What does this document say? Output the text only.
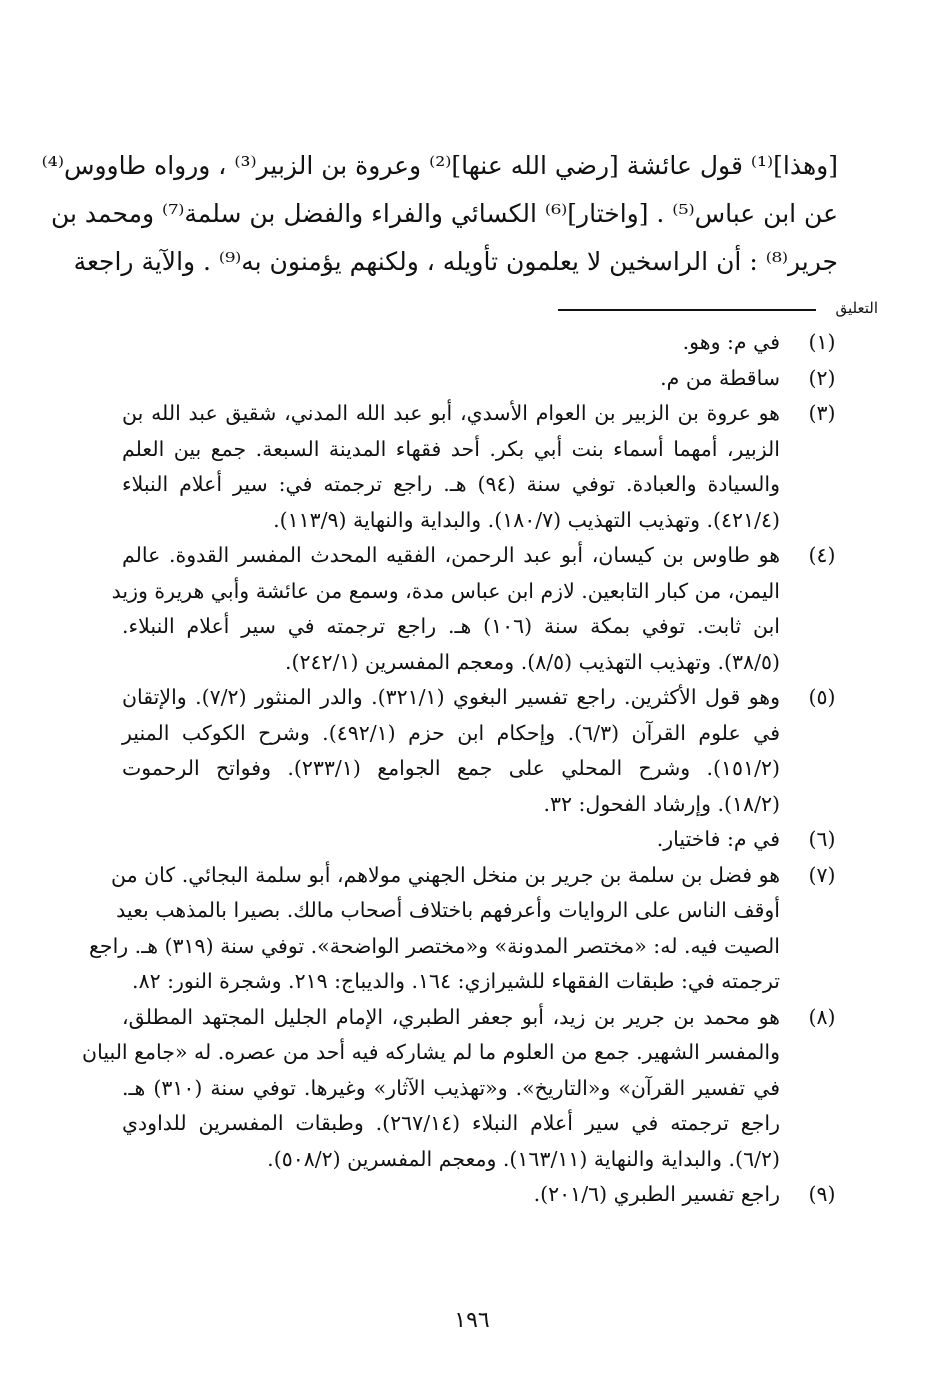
[وهذا]⁽¹⁾ قول عائشة [رضي الله عنها]⁽²⁾ وعروة بن الزبير⁽³⁾ ، ورواه طاووس⁽⁴⁾
عن ابن عباس⁽⁵⁾ . [واختار]⁽⁶⁾ الكسائي والفراء والفضل بن سلمة⁽⁷⁾ ومحمد بن
جرير⁽⁸⁾ : أن الراسخين لا يعلمون تأويله ، ولكنهم يؤمنون به⁽⁹⁾ . والآية راجعة
التعليق
(١)
في م: وهو.
(٢)
ساقطة من م.
(٣)
هو عروة بن الزبير بن العوام الأسدي، أبو عبد الله المدني، شقيق عبد الله بن
الزبير، أمهما أسماء بنت أبي بكر. أحد فقهاء المدينة السبعة. جمع بين العلم
والسيادة والعبادة. توفي سنة (٩٤) هـ. راجع ترجمته في: سير أعلام النبلاء
(٤٢١/٤). وتهذيب التهذيب (١٨٠/٧). والبداية والنهاية (١١٣/٩).
(٤)
هو طاوس بن كيسان، أبو عبد الرحمن، الفقيه المحدث المفسر القدوة. عالم
اليمن، من كبار التابعين. لازم ابن عباس مدة، وسمع من عائشة وأبي هريرة وزيد
ابن ثابت. توفي بمكة سنة (١٠٦) هـ. راجع ترجمته في سير أعلام النبلاء.
(٣٨/٥). وتهذيب التهذيب (٨/٥). ومعجم المفسرين (٢٤٢/١).
(٥)
وهو قول الأكثرين. راجع تفسير البغوي (٣٢١/١). والدر المنثور (٧/٢). والإتقان
في علوم القرآن (٦/٣). وإحكام ابن حزم (٤٩٢/١). وشرح الكوكب المنير
(١٥١/٢). وشرح المحلي على جمع الجوامع (٢٣٣/١). وفواتح الرحموت
(١٨/٢). وإرشاد الفحول: ٣٢.
(٦)
في م: فاختيار.
(٧)
هو فضل بن سلمة بن جرير بن منخل الجهني مولاهم، أبو سلمة البجائي. كان من
أوقف الناس على الروايات وأعرفهم باختلاف أصحاب مالك. بصيرا بالمذهب بعيد
الصيت فيه. له: «مختصر المدونة» و«مختصر الواضحة». توفي سنة (٣١٩) هـ. راجع
ترجمته في: طبقات الفقهاء للشيرازي: ١٦٤. والديباج: ٢١٩. وشجرة النور: ٨٢.
(٨)
هو محمد بن جرير بن زيد، أبو جعفر الطبري، الإمام الجليل المجتهد المطلق،
والمفسر الشهير. جمع من العلوم ما لم يشاركه فيه أحد من عصره. له «جامع البيان
في تفسير القرآن» و«التاريخ». و«تهذيب الآثار» وغيرها. توفي سنة (٣١٠) هـ.
راجع ترجمته في سير أعلام النبلاء (٢٦٧/١٤). وطبقات المفسرين للداودي
(٦/٢). والبداية والنهاية (١٦٣/١١). ومعجم المفسرين (٥٠٨/٢).
(٩)
راجع تفسير الطبري (٢٠١/٦).
١٩٦
